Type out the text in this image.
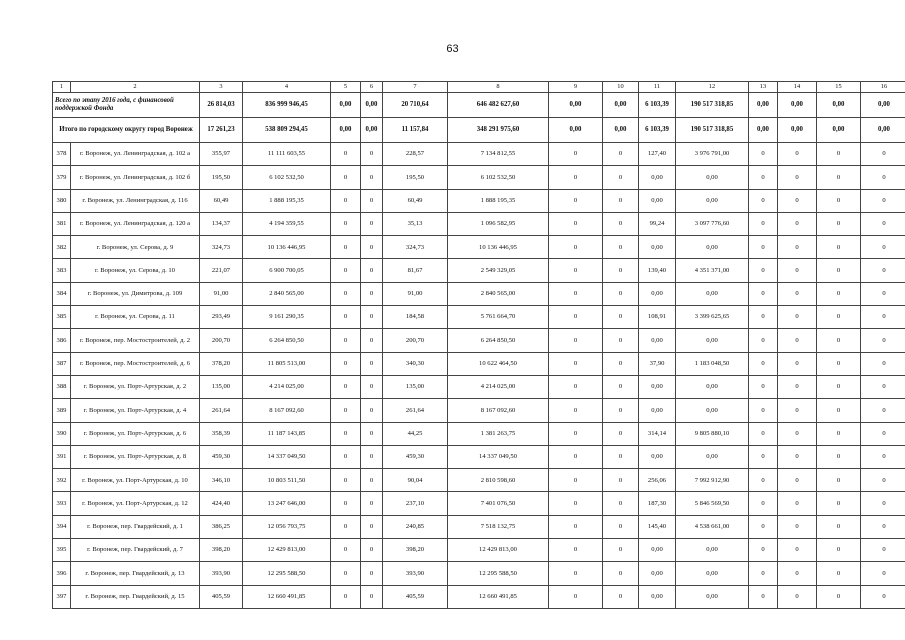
63
1	2	3	4	5	6	7	8	9	10	11	12	13	14	15	16
Всего по этапу 2016 года, с финансовой поддержкой Фонда		26 814,03	836 999 946,45	0,00	0,00	20 710,64	646 482 627,60	0,00	0,00	6 103,39	190 517 318,85	0,00	0,00	0,00	0,00
Итого по городскому округу город Воронеж		17 261,23	538 809 294,45	0,00	0,00	11 157,84	348 291 975,60	0,00	0,00	6 103,39	190 517 318,85	0,00	0,00	0,00	0,00
378	г. Воронеж, ул. Ленинградская, д. 102 а	355,97	11 111 603,55	0	0	228,57	7 134 812,55	0	0	127,40	3 976 791,00	0	0	0	0
379	г. Воронеж, ул. Ленинградская, д. 102 б	195,50	6 102 532,50	0	0	195,50	6 102 532,50	0	0	0,00	0,00	0	0	0	0
380	г. Воронеж, ул. Ленинградская, д. 116	60,49	1 888 195,35	0	0	60,49	1 888 195,35	0	0	0,00	0,00	0	0	0	0
381	г. Воронеж, ул. Ленинградская, д. 120 а	134,37	4 194 359,55	0	0	35,13	1 096 582,95	0	0	99,24	3 097 776,60	0	0	0	0
382	г. Воронеж, ул. Серова, д. 9	324,73	10 136 446,95	0	0	324,73	10 136 446,95	0	0	0,00	0,00	0	0	0	0
383	г. Воронеж, ул. Серова, д. 10	221,07	6 900 700,05	0	0	81,67	2 549 329,05	0	0	139,40	4 351 371,00	0	0	0	0
384	г. Воронеж, ул. Димитрова, д. 109	91,00	2 840 565,00	0	0	91,00	2 840 565,00	0	0	0,00	0,00	0	0	0	0
385	г. Воронеж, ул. Серова, д. 11	293,49	9 161 290,35	0	0	184,58	5 761 664,70	0	0	108,91	3 399 625,65	0	0	0	0
386	г. Воронеж, пер. Мостостроителей, д. 2	200,70	6 264 850,50	0	0	200,70	6 264 850,50	0	0	0,00	0,00	0	0	0	0
387	г. Воронеж, пер. Мостостроителей, д. 6	378,20	11 805 513,00	0	0	340,30	10 622 464,50	0	0	37,90	1 183 048,50	0	0	0	0
388	г. Воронеж, ул. Порт-Артурская, д. 2	135,00	4 214 025,00	0	0	135,00	4 214 025,00	0	0	0,00	0,00	0	0	0	0
389	г. Воронеж, ул. Порт-Артурская, д. 4	261,64	8 167 092,60	0	0	261,64	8 167 092,60	0	0	0,00	0,00	0	0	0	0
390	г. Воронеж, ул. Порт-Артурская, д. 6	358,39	11 187 143,85	0	0	44,25	1 381 263,75	0	0	314,14	9 805 880,10	0	0	0	0
391	г. Воронеж, ул. Порт-Артурская, д. 8	459,30	14 337 049,50	0	0	459,30	14 337 049,50	0	0	0,00	0,00	0	0	0	0
392	г. Воронеж, ул. Порт-Артурская, д. 10	346,10	10 803 511,50	0	0	90,04	2 810 598,60	0	0	256,06	7 992 912,90	0	0	0	0
393	г. Воронеж, ул. Порт-Артурская, д. 12	424,40	13 247 646,00	0	0	237,10	7 401 076,50	0	0	187,30	5 846 569,50	0	0	0	0
394	г. Воронеж, пер. Гвардейский, д. 1	386,25	12 056 793,75	0	0	240,85	7 518 132,75	0	0	145,40	4 538 661,00	0	0	0	0
395	г. Воронеж, пер. Гвардейский, д. 7	398,20	12 429 813,00	0	0	398,20	12 429 813,00	0	0	0,00	0,00	0	0	0	0
396	г. Воронеж, пер. Гвардейский, д. 13	393,90	12 295 588,50	0	0	393,90	12 295 588,50	0	0	0,00	0,00	0	0	0	0
397	г. Воронеж, пер. Гвардейский, д. 15	405,59	12 660 491,85	0	0	405,59	12 660 491,85	0	0	0,00	0,00	0	0	0	0
